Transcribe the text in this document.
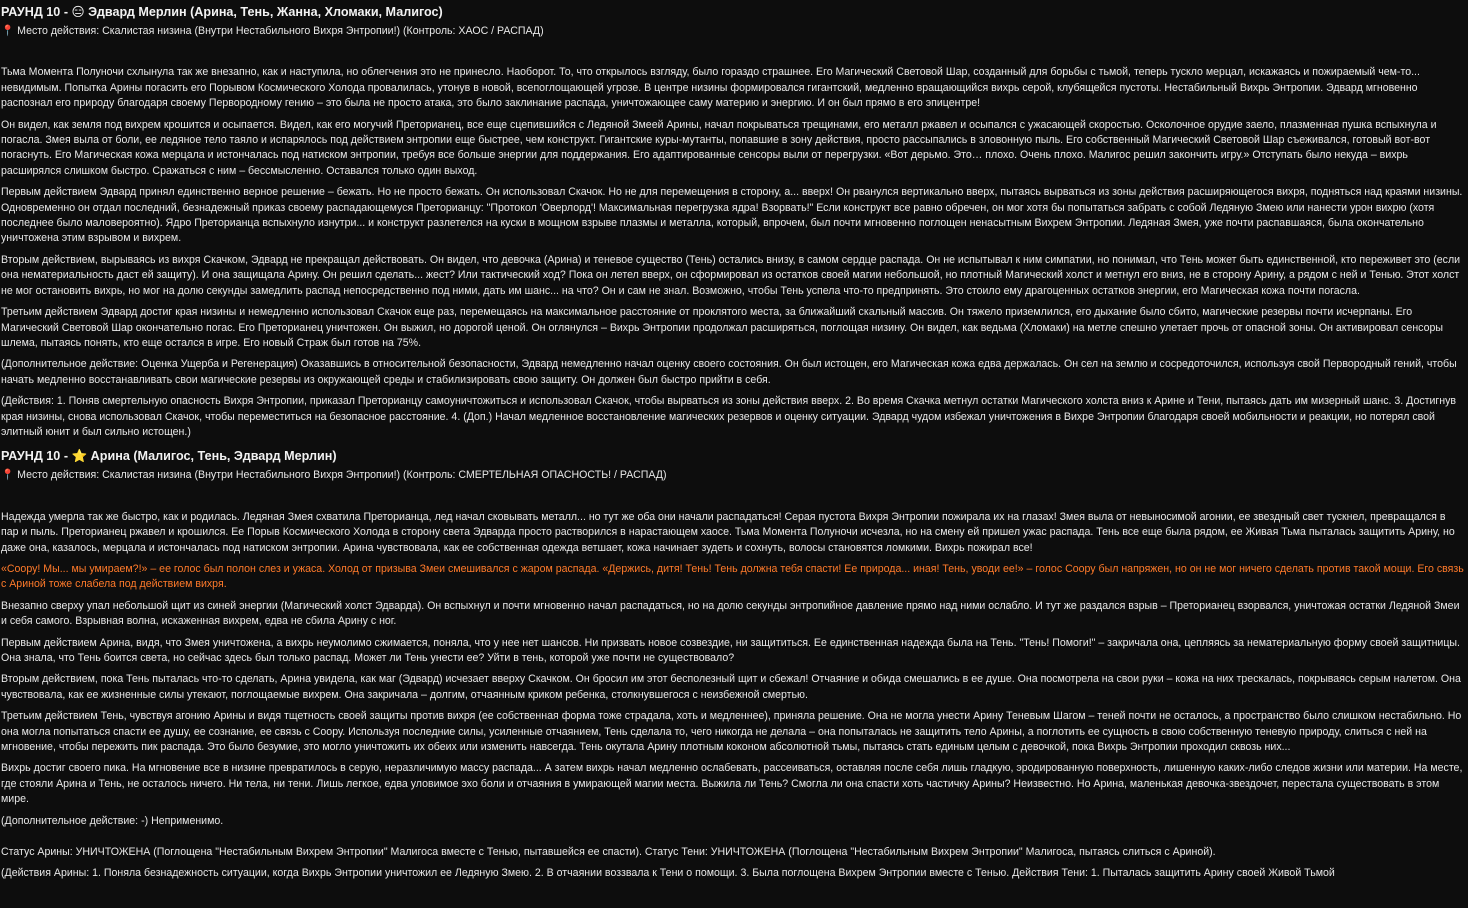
РАУНД 10 - 😑 Эдвард Мерлин (Арина, Тень, Жанна, Хломаки, Малигос)

📍 Место действия: Скалистая низина (Внутри Нестабильного Вихря Энтропии!) (Контроль: ХАОС / РАСПАД)

Тьма Момента Полуночи схлынула так же внезапно, как и наступила, но облегчения это не принесло. Наоборот. То, что открылось взгляду, было гораздо страшнее. Его Магический Световой Шар, созданный для борьбы с тьмой, теперь тускло мерцал, искажаясь и пожираемый чем-то... невидимым. Попытка Арины погасить его Порывом Космического Холода провалилась, утонув в новой, всепоглощающей угрозе. В центре низины формировался гигантский, медленно вращающийся вихрь серой, клубящейся пустоты. Нестабильный Вихрь Энтропии. Эдвард мгновенно распознал его природу благодаря своему Первородному гению – это была не просто атака, это было заклинание распада, уничтожающее саму материю и энергию. И он был прямо в его эпицентре!

Он видел, как земля под вихрем крошится и осыпается. Видел, как его могучий Преторианец, все еще сцепившийся с Ледяной Змеей Арины, начал покрываться трещинами, его металл ржавел и осыпался с ужасающей скоростью. Осколочное орудие заело, плазменная пушка вспыхнула и погасла. Змея выла от боли, ее ледяное тело таяло и испарялось под действием энтропии еще быстрее, чем конструкт. Гигантские куры-мутанты, попавшие в зону действия, просто рассыпались в зловонную пыль. Его собственный Магический Световой Шар съеживался, готовый вот-вот погаснуть. Его Магическая кожа мерцала и истончалась под натиском энтропии, требуя все больше энергии для поддержания. Его адаптированные сенсоры выли от перегрузки. «Вот дерьмо. Это… плохо. Очень плохо. Малигос решил закончить игру.» Отступать было некуда – вихрь расширялся слишком быстро. Сражаться с ним – бессмысленно. Оставался только один выход.

Первым действием Эдвард принял единственно верное решение – бежать. Но не просто бежать. Он использовал Скачок. Но не для перемещения в сторону, а... вверх! Он рванулся вертикально вверх, пытаясь вырваться из зоны действия расширяющегося вихря, подняться над краями низины. Одновременно он отдал последний, безнадежный приказ своему распадающемуся Преторианцу: "Протокол 'Оверлорд'! Максимальная перегрузка ядра! Взорвать!" Если конструкт все равно обречен, он мог хотя бы попытаться забрать с собой Ледяную Змею или нанести урон вихрю (хотя последнее было маловероятно). Ядро Преторианца вспыхнуло изнутри... и конструкт разлетелся на куски в мощном взрыве плазмы и металла, который, впрочем, был почти мгновенно поглощен ненасытным Вихрем Энтропии. Ледяная Змея, уже почти распавшаяся, была окончательно уничтожена этим взрывом и вихрем.

Вторым действием, вырываясь из вихря Скачком, Эдвард не прекращал действовать. Он видел, что девочка (Арина) и теневое существо (Тень) остались внизу, в самом сердце распада. Он не испытывал к ним симпатии, но понимал, что Тень может быть единственной, кто переживет это (если она нематериальность даст ей защиту). И она защищала Арину. Он решил сделать... жест? Или тактический ход? Пока он летел вверх, он сформировал из остатков своей магии небольшой, но плотный Магический холст и метнул его вниз, не в сторону Арину, а рядом с ней и Тенью. Этот холст не мог остановить вихрь, но мог на долю секунды замедлить распад непосредственно под ними, дать им шанс... на что? Он и сам не знал. Возможно, чтобы Тень успела что-то предпринять. Это стоило ему драгоценных остатков энергии, его Магическая кожа почти погасла.

Третьим действием Эдвард достиг края низины и немедленно использовал Скачок еще раз, перемещаясь на максимальное расстояние от проклятого места, за ближайший скальный массив. Он тяжело приземлился, его дыхание было сбито, магические резервы почти исчерпаны. Его Магический Световой Шар окончательно погас. Его Преторианец уничтожен. Он выжил, но дорогой ценой. Он оглянулся – Вихрь Энтропии продолжал расширяться, поглощая низину. Он видел, как ведьма (Хломаки) на метле спешно улетает прочь от опасной зоны. Он активировал сенсоры шлема, пытаясь понять, кто еще остался в игре. Его новый Страж был готов на 75%.

(Дополнительное действие: Оценка Ущерба и Регенерация) Оказавшись в относительной безопасности, Эдвард немедленно начал оценку своего состояния. Он был истощен, его Магическая кожа едва держалась. Он сел на землю и сосредоточился, используя свой Первородный гений, чтобы начать медленно восстанавливать свои магические резервы из окружающей среды и стабилизировать свою защиту. Он должен был быстро прийти в себя.

(Действия: 1. Поняв смертельную опасность Вихря Энтропии, приказал Преторианцу самоуничтожиться и использовал Скачок, чтобы вырваться из зоны действия вверх. 2. Во время Скачка метнул остатки Магического холста вниз к Арине и Тени, пытаясь дать им мизерный шанс. 3. Достигнув края низины, снова использовал Скачок, чтобы переместиться на безопасное расстояние. 4. (Доп.) Начал медленное восстановление магических резервов и оценку ситуации. Эдвард чудом избежал уничтожения в Вихре Энтропии благодаря своей мобильности и реакции, но потерял свой элитный юнит и был сильно истощен.)

РАУНД 10 - ⭐ Арина (Малигос, Тень, Эдвард Мерлин)

📍 Место действия: Скалистая низина (Внутри Нестабильного Вихря Энтропии!) (Контроль: СМЕРТЕЛЬНАЯ ОПАСНОСТЬ! / РАСПАД)

Надежда умерла так же быстро, как и родилась. Ледяная Змея схватила Преторианца, лед начал сковывать металл... но тут же оба они начали распадаться! Серая пустота Вихря Энтропии пожирала их на глазах! Змея выла от невыносимой агонии, ее звездный свет тускнел, превращался в пар и пыль. Преторианец ржавел и крошился. Ее Порыв Космического Холода в сторону света Эдварда просто растворился в нарастающем хаосе. Тьма Момента Полуночи исчезла, но на смену ей пришел ужас распада. Тень все еще была рядом, ее Живая Тьма пыталась защитить Арину, но даже она, казалось, мерцала и истончалась под натиском энтропии. Арина чувствовала, как ее собственная одежда ветшает, кожа начинает зудеть и сохнуть, волосы становятся ломкими. Вихрь пожирал все!

«Соору! Мы... мы умираем?!» – ее голос был полон слез и ужаса. Холод от призыва Змеи смешивался с жаром распада. «Держись, дитя! Тень! Тень должна тебя спасти! Ее природа... иная! Тень, уводи ее!» – голос Соору был напряжен, но он не мог ничего сделать против такой мощи. Его связь с Ариной тоже слабела под действием вихря.

Внезапно сверху упал небольшой щит из синей энергии (Магический холст Эдварда). Он вспыхнул и почти мгновенно начал распадаться, но на долю секунды энтропийное давление прямо над ними ослабло. И тут же раздался взрыв – Преторианец взорвался, уничтожая остатки Ледяной Змеи и себя самого. Взрывная волна, искаженная вихрем, едва не сбила Арину с ног.

Первым действием Арина, видя, что Змея уничтожена, а вихрь неумолимо сжимается, поняла, что у нее нет шансов. Ни призвать новое созвездие, ни защититься. Ее единственная надежда была на Тень. "Тень! Помоги!" – закричала она, цепляясь за нематериальную форму своей защитницы. Она знала, что Тень боится света, но сейчас здесь был только распад. Может ли Тень унести ее? Уйти в тень, которой уже почти не существовало?

Вторым действием, пока Тень пыталась что-то сделать, Арина увидела, как маг (Эдвард) исчезает вверху Скачком. Он бросил им этот бесполезный щит и сбежал! Отчаяние и обида смешались в ее душе. Она посмотрела на свои руки – кожа на них трескалась, покрываясь серым налетом. Она чувствовала, как ее жизненные силы утекают, поглощаемые вихрем. Она закричала – долгим, отчаянным криком ребенка, столкнувшегося с неизбежной смертью.

Третьим действием Тень, чувствуя агонию Арины и видя тщетность своей защиты против вихря (ее собственная форма тоже страдала, хоть и медленнее), приняла решение. Она не могла унести Арину Теневым Шагом – теней почти не осталось, а пространство было слишком нестабильно. Но она могла попытаться спасти ее душу, ее сознание, ее связь с Соору. Используя последние силы, усиленные отчаянием, Тень сделала то, чего никогда не делала – она попыталась не защитить тело Арины, а поглотить ее сущность в свою собственную теневую природу, слиться с ней на мгновение, чтобы пережить пик распада. Это было безумие, это могло уничтожить их обеих или изменить навсегда. Тень окутала Арину плотным коконом абсолютной тьмы, пытаясь стать единым целым с девочкой, пока Вихрь Энтропии проходил сквозь них...

Вихрь достиг своего пика. На мгновение все в низине превратилось в серую, неразличимую массу распада... А затем вихрь начал медленно ослабевать, рассеиваться, оставляя после себя лишь гладкую, эродированную поверхность, лишенную каких-либо следов жизни или материи. На месте, где стояли Арина и Тень, не осталось ничего. Ни тела, ни тени. Лишь легкое, едва уловимое эхо боли и отчаяния в умирающей магии места. Выжила ли Тень? Смогла ли она спасти хоть частичку Арины? Неизвестно. Но Арина, маленькая девочка-звездочет, перестала существовать в этом мире.

(Дополнительное действие: -) Неприменимо.

Статус Арины: УНИЧТОЖЕНА (Поглощена "Нестабильным Вихрем Энтропии" Малигоса вместе с Тенью, пытавшейся ее спасти). Статус Тени: УНИЧТОЖЕНА (Поглощена "Нестабильным Вихрем Энтропии" Малигоса, пытаясь слиться с Ариной).

(Действия Арины: 1. Поняла безнадежность ситуации, когда Вихрь Энтропии уничтожил ее Ледяную Змею. 2. В отчаянии воззвала к Тени о помощи. 3. Была поглощена Вихрем Энтропии вместе с Тенью. Действия Тени: 1. Пыталась защитить Арину своей Живой Тьмой
